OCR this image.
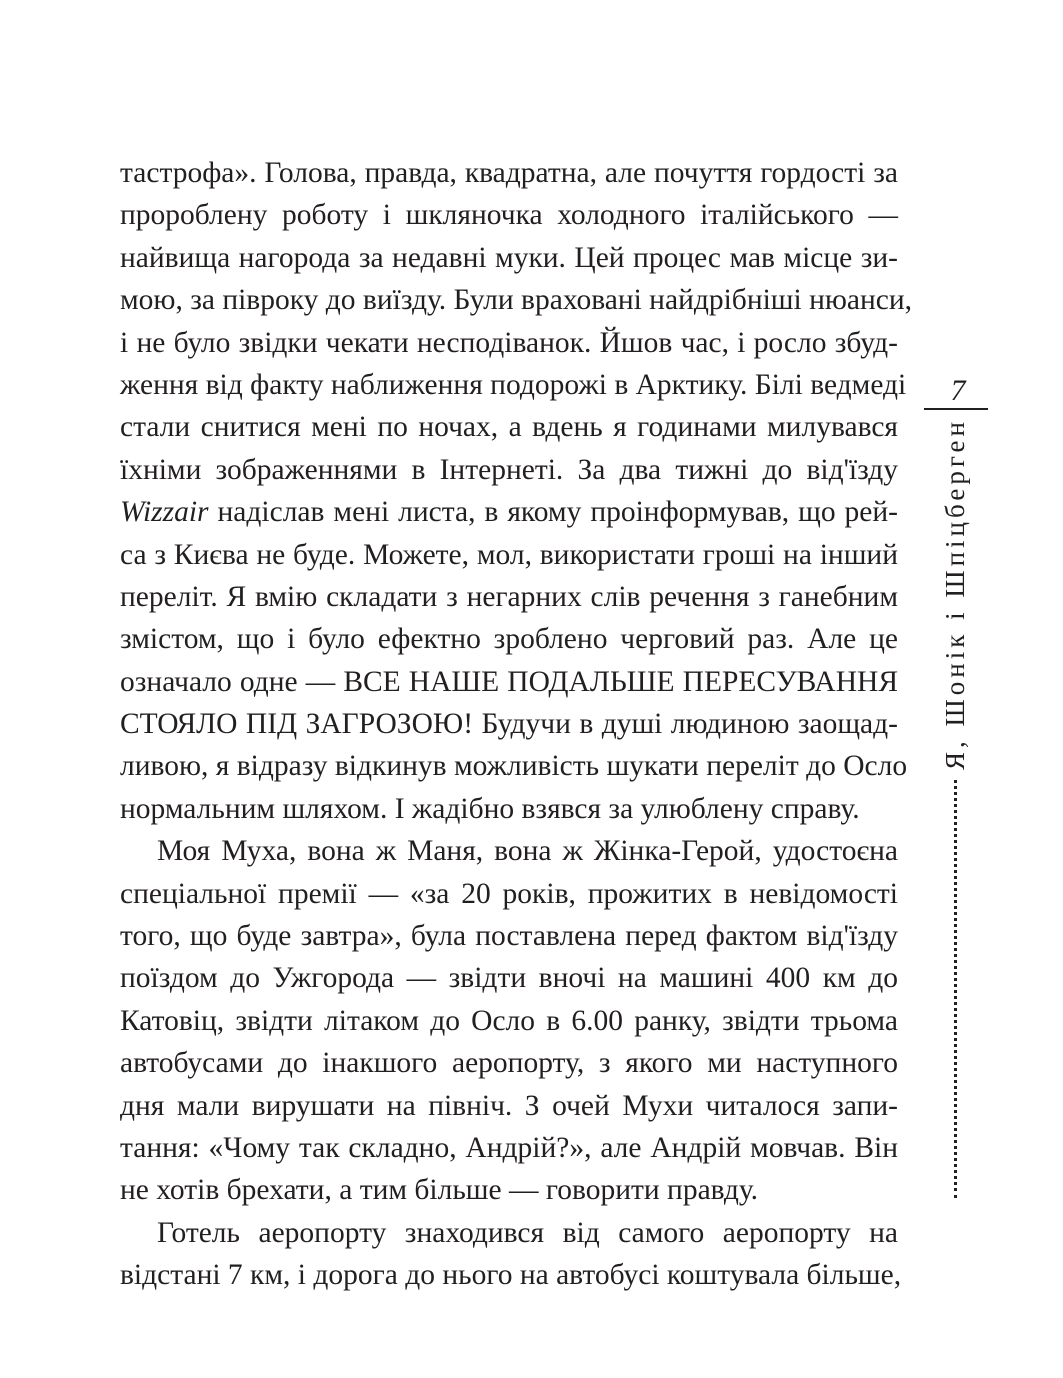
тастрофа». Голова, правда, квадратна, але почуття гордості за
пророблену роботу і шкляночка холодного італійського —
найвища нагорода за недавні муки. Цей процес мав місце зи-
мою, за півроку до виїзду. Були враховані найдрібніші нюанси,
і не було звідки чекати несподіванок. Йшов час, і росло збуд-
ження від факту наближення подорожі в Арктику. Білі ведмеді
стали снитися мені по ночах, а вдень я годинами милувався
їхніми зображеннями в Інтернеті. За два тижні до від'їзду
Wizzair надіслав мені листа, в якому проінформував, що рей-
са з Києва не буде. Можете, мол, використати гроші на інший
переліт. Я вмію складати з негарних слів речення з ганебним
змістом, що і було ефектно зроблено черговий раз. Але це
означало одне — ВСЕ НАШЕ ПОДАЛЬШЕ ПЕРЕСУВАННЯ
СТОЯЛО ПІД ЗАГРОЗОЮ! Будучи в душі людиною заощад-
ливою, я відразу відкинув можливість шукати переліт до Осло
нормальним шляхом. І жадібно взявся за улюблену справу.
Моя Муха, вона ж Маня, вона ж Жінка-Герой, удостоєна
спеціальної премії — «за 20 років, прожитих в невідомості
того, що буде завтра», була поставлена перед фактом від'їзду
поїздом до Ужгорода — звідти вночі на машині 400 км до
Катовіц, звідти літаком до Осло в 6.00 ранку, звідти трьома
автобусами до інакшого аеропорту, з якого ми наступного
дня мали вирушати на північ. З очей Мухи читалося запи-
тання: «Чому так складно, Андрій?», але Андрій мовчав. Він
не хотів брехати, а тим більше — говорити правду.
Готель аеропорту знаходився від самого аеропорту на
відстані 7 км, і дорога до нього на автобусі коштувала більше,
7
Я, Шонік і Шпіцберген
